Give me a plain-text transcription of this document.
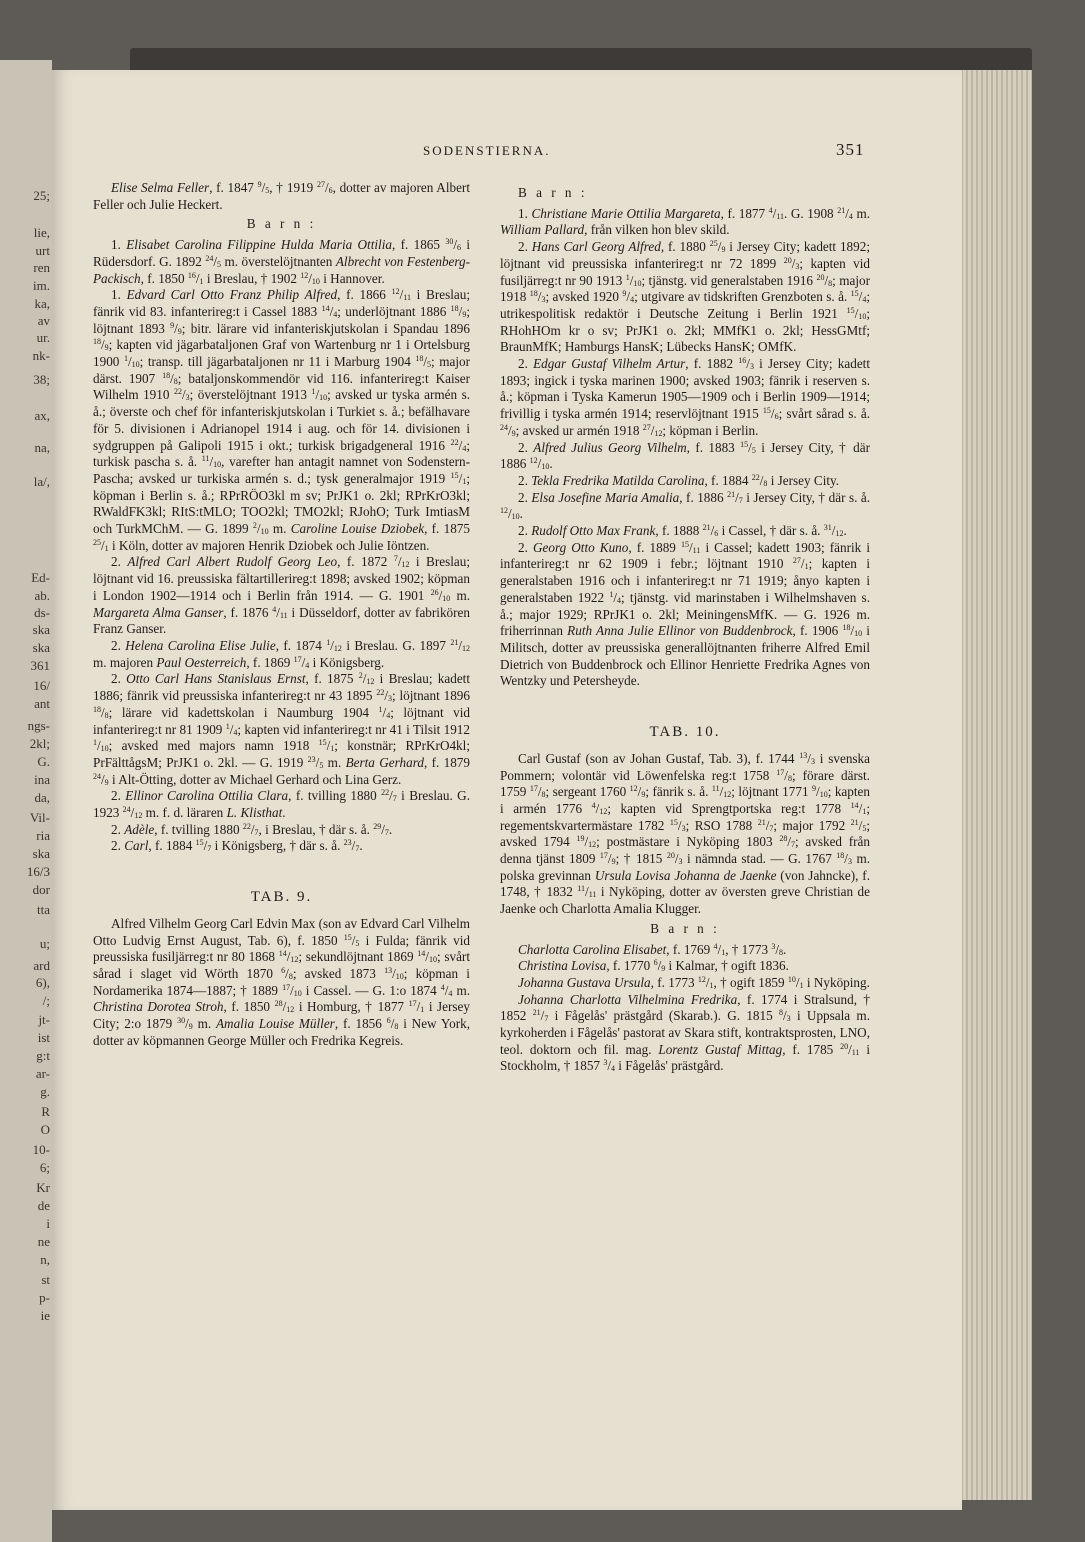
25;
lie,
urt
ren
im.
ka,
av
ur.
nk-
38;
ax,
na,
la/,
Ed-
ab.
ds-
ska
ska
361
16/
ant
ngs-
2kl;
G.
ina
da,
Vil-
ria
ska
16/3
dor
tta
u;
ard
6),
/;
jt-
ist
g:t
ar-
g.
R
O
10-
6;
Kr
de
i
ne
n,
st
p-
ie
SODENSTIERNA.	351

Elise Selma Feller, f. 1847 $^9/_5$, † 1919 $^{27}/_6$, dotter av majoren Albert Feller och Julie Heckert.

B a r n :

1. Elisabet Carolina Filippine Hulda Maria Ottilia, f. 1865 $^{30}/_6$ i Rüdersdorf. G. 1892 $^{24}/_5$ m. överstelöjtnanten Albrecht von Festenberg-Packisch, f. 1850 $^{16}/_1$ i Breslau, † 1902 $^{12}/_{10}$ i Hannover.

1. Edvard Carl Otto Franz Philip Alfred, f. 1866 $^{12}/_{11}$ i Breslau; fänrik vid 83. infanterireg:t i Cassel 1883 $^{14}/_4$; underlöjtnant 1886 $^{18}/_9$; löjtnant 1893 $^9/_9$; bitr. lärare vid infanteriskjutskolan i Spandau 1896 $^{18}/_9$; kapten vid jägarbataljonen Graf von Wartenburg nr 1 i Ortelsburg 1900 $^1/_{10}$; transp. till jägarbataljonen nr 11 i Marburg 1904 $^{18}/_5$; major därst. 1907 $^{18}/_8$; bataljonskommendör vid 116. infanterireg:t Kaiser Wilhelm 1910 $^{22}/_3$; överstelöjtnant 1913 $^1/_{10}$; avsked ur tyska armén s. å.; överste och chef för infanteriskjutskolan i Turkiet s. å.; befälhavare för 5. divisionen i Adrianopel 1914 i aug. och för 14. divisionen i sydgruppen på Galipoli 1915 i okt.; turkisk brigadgeneral 1916 $^{22}/_4$; turkisk pascha s. å. $^{11}/_{10}$, varefter han antagit namnet von Sodenstern-Pascha; avsked ur turkiska armén s. d.; tysk generalmajor 1919 $^{15}/_1$; köpman i Berlin s. å.; RPrRÖO3kl m sv; PrJK1 o. 2kl; RPrKrO3kl; RWaldFK3kl; RItS:tMLO; TOO2kl; TMO2kl; RJohO; Turk ImtiasM och TurkMChM. — G. 1899 $^2/_{10}$ m. Caroline Louise Dziobek, f. 1875 $^{25}/_1$ i Köln, dotter av majoren Henrik Dziobek och Julie Iöntzen.

2. Alfred Carl Albert Rudolf Georg Leo, f. 1872 $^7/_{12}$ i Breslau; löjtnant vid 16. preussiska fältartillerireg:t 1898; avsked 1902; köpman i London 1902—1914 och i Berlin från 1914. — G. 1901 $^{26}/_{10}$ m. Margareta Alma Ganser, f. 1876 $^4/_{11}$ i Düsseldorf, dotter av fabrikören Franz Ganser.

2. Helena Carolina Elise Julie, f. 1874 $^1/_{12}$ i Breslau. G. 1897 $^{21}/_{12}$ m. majoren Paul Oesterreich, f. 1869 $^{17}/_4$ i Königsberg.

2. Otto Carl Hans Stanislaus Ernst, f. 1875 $^2/_{12}$ i Breslau; kadett 1886; fänrik vid preussiska infanterireg:t nr 43 1895 $^{22}/_3$; löjtnant 1896 $^{18}/_8$; lärare vid kadettskolan i Naumburg 1904 $^1/_4$; löjtnant vid infanterireg:t nr 81 1909 $^1/_4$; kapten vid infanterireg:t nr 41 i Tilsit 1912 $^1/_{10}$; avsked med majors namn 1918 $^{15}/_1$; konstnär; RPrKrO4kl; PrFälttågsM; PrJK1 o. 2kl. — G. 1919 $^{23}/_5$ m. Berta Gerhard, f. 1879 $^{24}/_9$ i Alt-Ötting, dotter av Michael Gerhard och Lina Gerz.

2. Ellinor Carolina Ottilia Clara, f. tvilling 1880 $^{22}/_7$ i Breslau. G. 1923 $^{24}/_{12}$ m. f. d. läraren L. Klisthat.

2. Adèle, f. tvilling 1880 $^{22}/_7$, i Breslau, † där s. å. $^{29}/_7$.

2. Carl, f. 1884 $^{15}/_7$ i Königsberg, † där s. å. $^{23}/_7$.

TAB. 9.

Alfred Vilhelm Georg Carl Edvin Max (son av Edvard Carl Vilhelm Otto Ludvig Ernst August, Tab. 6), f. 1850 $^{15}/_5$ i Fulda; fänrik vid preussiska fusiljärreg:t nr 80 1868 $^{14}/_{12}$; sekundlöjtnant 1869 $^{14}/_{10}$; svårt sårad i slaget vid Wörth 1870 $^6/_8$; avsked 1873 $^{13}/_{10}$; köpman i Nordamerika 1874—1887; † 1889 $^{17}/_{10}$ i Cassel. — G. 1:o 1874 $^4/_4$ m. Christina Dorotea Stroh, f. 1850 $^{28}/_{12}$ i Homburg, † 1877 $^{17}/_1$ i Jersey City; 2:o 1879 $^{30}/_9$ m. Amalia Louise Müller, f. 1856 $^6/_8$ i New York, dotter av köpmannen George Müller och Fredrika Kegreis.

B a r n :

1. Christiane Marie Ottilia Margareta, f. 1877 $^4/_{11}$. G. 1908 $^{21}/_4$ m. William Pallard, från vilken hon blev skild.

2. Hans Carl Georg Alfred, f. 1880 $^{25}/_9$ i Jersey City; kadett 1892; löjtnant vid preussiska infanterireg:t nr 72 1899 $^{20}/_3$; kapten vid fusiljärreg:t nr 90 1913 $^1/_{10}$; tjänstg. vid generalstaben 1916 $^{20}/_8$; major 1918 $^{18}/_3$; avsked 1920 $^9/_4$; utgivare av tidskriften Grenzboten s. å. $^{15}/_4$; utrikespolitisk redaktör i Deutsche Zeitung i Berlin 1921 $^{15}/_{10}$; RHohHOm kr o sv; PrJK1 o. 2kl; MMfK1 o. 2kl; HessGMtf; BraunMfK; Hamburgs HansK; Lübecks HansK; OMfK.

2. Edgar Gustaf Vilhelm Artur, f. 1882 $^{16}/_3$ i Jersey City; kadett 1893; ingick i tyska marinen 1900; avsked 1903; fänrik i reserven s. å.; köpman i Tyska Kamerun 1905—1909 och i Berlin 1909—1914; frivillig i tyska armén 1914; reservlöjtnant 1915 $^{15}/_6$; svårt sårad s. å. $^{24}/_9$; avsked ur armén 1918 $^{27}/_{12}$; köpman i Berlin.

2. Alfred Julius Georg Vilhelm, f. 1883 $^{15}/_5$ i Jersey City, † där 1886 $^{12}/_{10}$.

2. Tekla Fredrika Matilda Carolina, f. 1884 $^{22}/_8$ i Jersey City.

2. Elsa Josefine Maria Amalia, f. 1886 $^{21}/_7$ i Jersey City, † där s. å. $^{12}/_{10}$.

2. Rudolf Otto Max Frank, f. 1888 $^{21}/_6$ i Cassel, † där s. å. $^{31}/_{12}$.

2. Georg Otto Kuno, f. 1889 $^{15}/_{11}$ i Cassel; kadett 1903; fänrik i infanterireg:t nr 62 1909 i febr.; löjtnant 1910 $^{27}/_1$; kapten i generalstaben 1916 och i infanterireg:t nr 71 1919; ånyo kapten i generalstaben 1922 $^1/_4$; tjänstg. vid marinstaben i Wilhelmshaven s. å.; major 1929; RPrJK1 o. 2kl; MeiningensMfK. — G. 1926 m. friherrinnan Ruth Anna Julie Ellinor von Buddenbrock, f. 1906 $^{18}/_{10}$ i Militsch, dotter av preussiska generallöjtnanten friherre Alfred Emil Dietrich von Buddenbrock och Ellinor Henriette Fredrika Agnes von Wentzky und Petersheyde.

TAB. 10.

Carl Gustaf (son av Johan Gustaf, Tab. 3), f. 1744 $^{13}/_3$ i svenska Pommern; volontär vid Löwenfelska reg:t 1758 $^{17}/_8$; förare därst. 1759 $^{17}/_8$; sergeant 1760 $^{12}/_9$; fänrik s. å. $^{11}/_{12}$; löjtnant 1771 $^9/_{10}$; kapten i armén 1776 $^4/_{12}$; kapten vid Sprengtportska reg:t 1778 $^{14}/_1$; regementskvartermästare 1782 $^{15}/_3$; RSO 1788 $^{21}/_7$; major 1792 $^{21}/_5$; avsked 1794 $^{19}/_{12}$; postmästare i Nyköping 1803 $^{28}/_7$; avsked från denna tjänst 1809 $^{17}/_9$; † 1815 $^{20}/_3$ i nämnda stad. — G. 1767 $^{18}/_3$ m. polska grevinnan Ursula Lovisa Johanna de Jaenke (von Jahncke), f. 1748, † 1832 $^{11}/_{11}$ i Nyköping, dotter av översten greve Christian de Jaenke och Charlotta Amalia Klugger.

B a r n :

Charlotta Carolina Elisabet, f. 1769 $^4/_1$, † 1773 $^3/_8$.

Christina Lovisa, f. 1770 $^6/_9$ i Kalmar, † ogift 1836.

Johanna Gustava Ursula, f. 1773 $^{12}/_1$, † ogift 1859 $^{10}/_1$ i Nyköping.

Johanna Charlotta Vilhelmina Fredrika, f. 1774 i Stralsund, † 1852 $^{21}/_7$ i Fågelås' prästgård (Skarab.). G. 1815 $^8/_3$ i Uppsala m. kyrkoherden i Fågelås' pastorat av Skara stift, kontraktsprosten, LNO, teol. doktorn och fil. mag. Lorentz Gustaf Mittag, f. 1785 $^{20}/_{11}$ i Stockholm, † 1857 $^3/_4$ i Fågelås' prästgård.
